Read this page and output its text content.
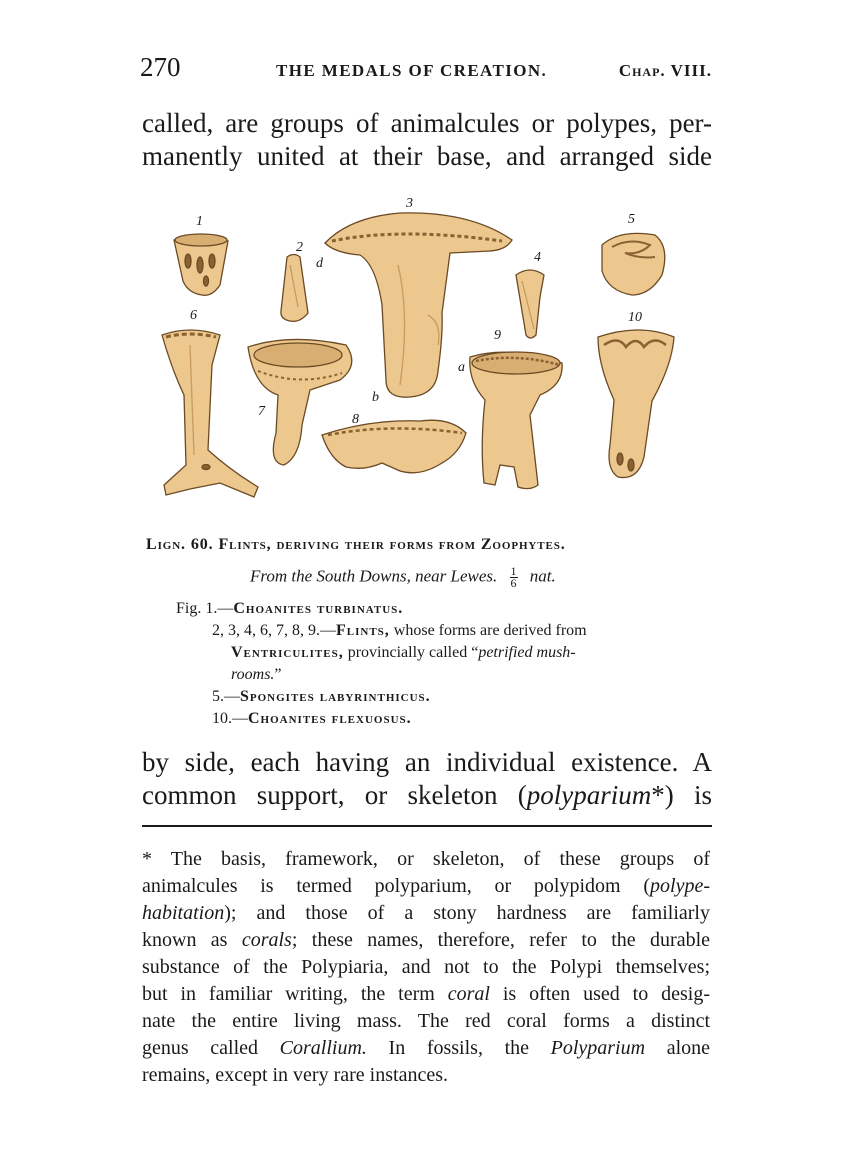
270	THE MEDALS OF CREATION.	Chap. VIII.
called, are groups of animalcules or polypes, per-
manently united at their base, and arranged side
1
2
3
4
5
6
7
8
9
10
a
b
d
Lign. 60. Flints, deriving their forms from Zoophytes.
From the South Downs, near Lewes. $\frac{1}{6}$ nat.
Fig. 1.—Choanites turbinatus.
2, 3, 4, 6, 7, 8, 9.—Flints, whose forms are derived from
Ventriculites, provincially called “petrified mush-
rooms.”
5.—Spongites labyrinthicus.
10.—Choanites flexuosus.
by side, each having an individual existence. A
common support, or skeleton (polyparium*) is
* The basis, framework, or skeleton, of these groups of
animalcules is termed polyparium, or polypidom (polype-
habitation); and those of a stony hardness are familiarly
known as corals; these names, therefore, refer to the durable
substance of the Polypiaria, and not to the Polypi themselves;
but in familiar writing, the term coral is often used to desig-
nate the entire living mass. The red coral forms a distinct
genus called Corallium. In fossils, the Polyparium alone
remains, except in very rare instances.
